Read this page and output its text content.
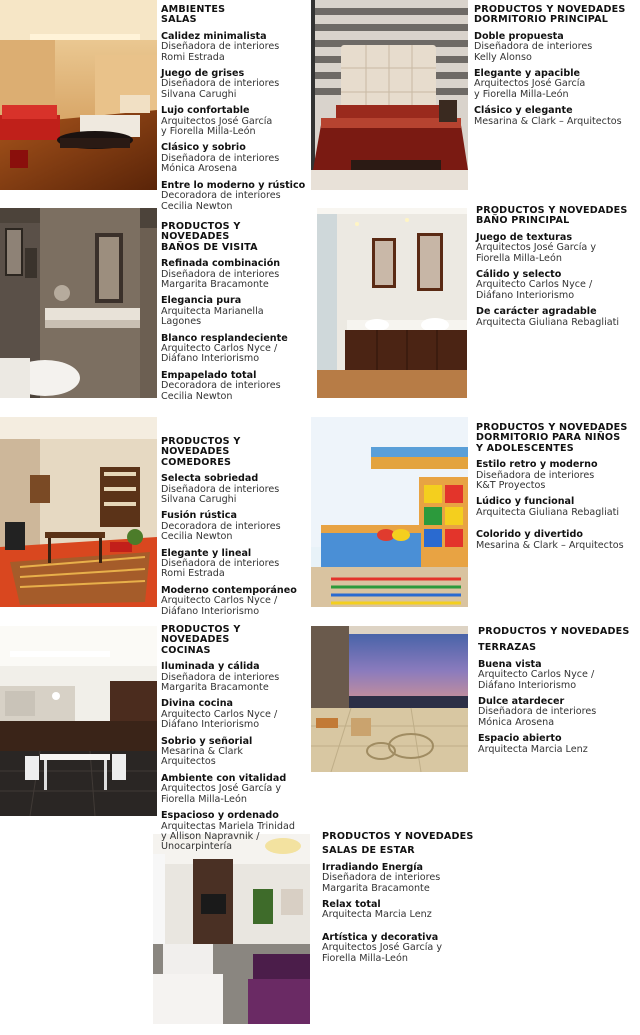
AMBIENTES
SALAS
Calidez minimalista
Diseñadora de interiores
Romi Estrada
Juego de grises
Diseñadora de interiores
Silvana Carughi
Lujo confortable
Arquitectos José García
y Fiorella Milla-León
Clásico y sobrio
Diseñadora de interiores
Mónica Arosena
Entre lo moderno y rústico
Decoradora de interiores
Cecilia Newton
PRODUCTOS Y NOVEDADES
DORMITORIO PRINCIPAL
Doble propuesta
Diseñadora de interiores
Kelly Alonso
Elegante y apacible
Arquitectos José García
y Fiorella Milla-León
Clásico y elegante
Mesarina & Clark – Arquitectos
PRODUCTOS Y NOVEDADES
BAÑOS DE VISITA
Refinada combinación
Diseñadora de interiores
Margarita Bracamonte
Elegancia pura
Arquitecta Marianella
Lagones
Blanco resplandeciente
Arquitecto Carlos Nyce /
Diáfano Interiorismo
Empapelado total
Decoradora de interiores
Cecilia Newton
PRODUCTOS Y NOVEDADES
BAÑO PRINCIPAL
Juego de texturas
Arquitectos José García y
Fiorella Milla-León
Cálido y selecto
Arquitecto Carlos Nyce /
Diáfano Interiorismo
De carácter agradable
Arquitecta Giuliana Rebagliati
PRODUCTOS Y NOVEDADES
COMEDORES
Selecta sobriedad
Diseñadora de interiores
Silvana Carughi
Fusión rústica
Decoradora de interiores
Cecilia Newton
Elegante y lineal
Diseñadora de interiores
Romi Estrada
Moderno contemporáneo
Arquitecto Carlos Nyce /
Diáfano Interiorismo
PRODUCTOS Y NOVEDADES
DORMITORIO PARA NIÑOS
Y ADOLESCENTES
Estilo retro y moderno
Diseñadora de interiores
K&T Proyectos
Lúdico y funcional
Arquitecta Giuliana Rebagliati
Colorido y divertido
Mesarina & Clark – Arquitectos
PRODUCTOS Y NOVEDADES
COCINAS
Iluminada y cálida
Diseñadora de interiores
Margarita Bracamonte
Divina cocina
Arquitecto Carlos Nyce /
Diáfano Interiorismo
Sobrio y señorial
Mesarina & Clark
Arquitectos
Ambiente con vitalidad
Arquitectos José García y
Fiorella Milla-León
Espacioso y ordenado
Arquitectas Mariela Trinidad
y Allison Napravnik /
Unocarpintería
PRODUCTOS Y NOVEDADES
TERRAZAS
Buena vista
Arquitecto Carlos Nyce /
Diáfano Interiorismo
Dulce atardecer
Diseñadora de interiores
Mónica Arosena
Espacio abierto
Arquitecta Marcia Lenz
PRODUCTOS Y NOVEDADES
SALAS DE ESTAR
Irradiando Energía
Diseñadora de interiores
Margarita Bracamonte
Relax total
Arquitecta Marcia Lenz
Artística y decorativa
Arquitectos José García y
Fiorella Milla-León
